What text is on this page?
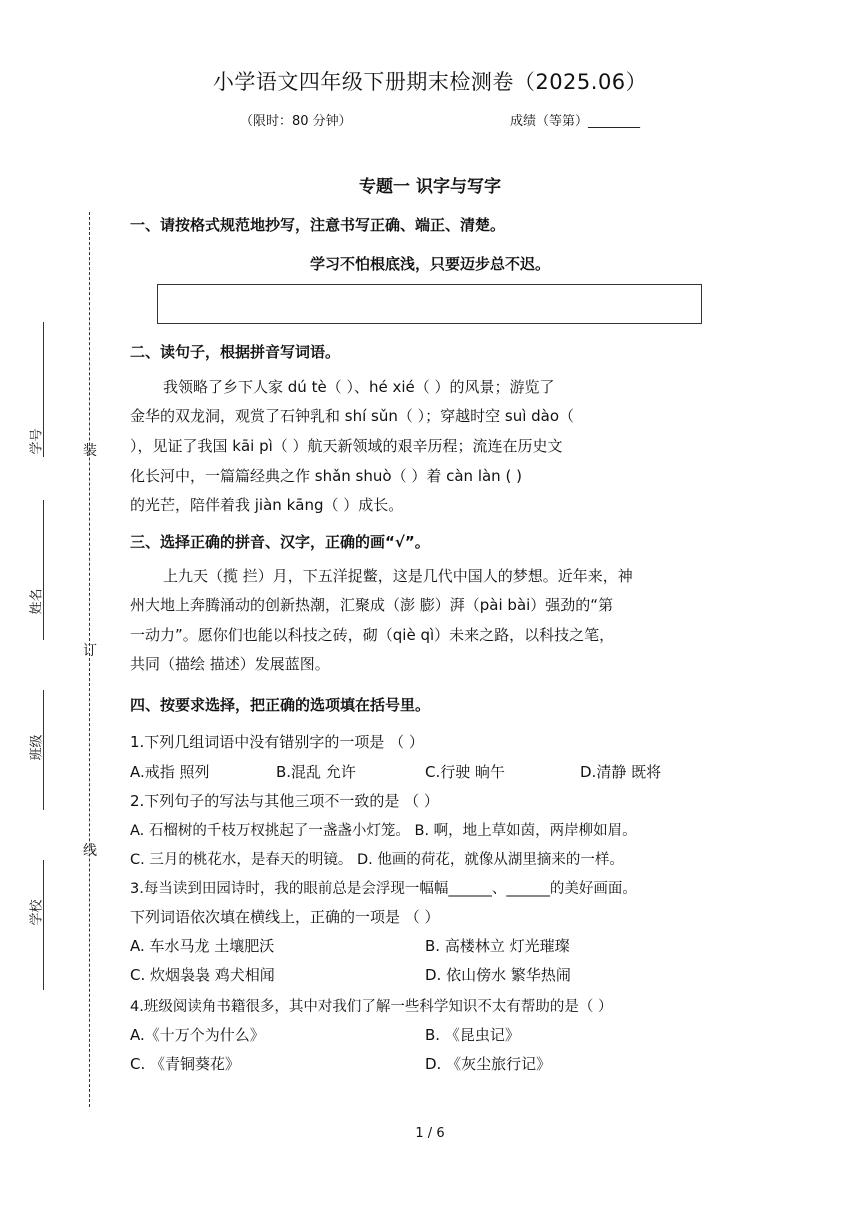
小学语文四年级下册期末检测卷（2025.06）
（限时：80 分钟）	成绩（等第）________
专题一 识字与写字
学号
姓名
班级
学校
装
订
线
一、请按格式规范地抄写，注意书写正确、端正、清楚。
学习不怕根底浅，只要迈步总不迟。
二、读句子，根据拼音写词语。
我领略了乡下人家 dú tè（ ）、hé xié（ ）的风景；游览了
金华的双龙洞，观赏了石钟乳和 shí sǔn（ ）；穿越时空 suì dào（
），见证了我国 kāi pì（ ）航天新领域的艰辛历程；流连在历史文
化长河中，一篇篇经典之作 shǎn shuò（ ）着 càn làn ( )
的光芒，陪伴着我 jiàn kāng（ ）成长。
三、选择正确的拼音、汉字，正确的画“√”。
上九天（揽 拦）月，下五洋捉鳖，这是几代中国人的梦想。近年来，神
州大地上奔腾涌动的创新热潮，汇聚成（澎 膨）湃（pài bài）强劲的“第
一动力”。愿你们也能以科技之砖，砌（qiè qì）未来之路，以科技之笔，
共同（描绘 描述）发展蓝图。
四、按要求选择，把正确的选项填在括号里。
1.下列几组词语中没有错别字的一项是 （ ）
A.戒指 照列	B.混乱 允许	C.行驶 晌午	D.清静 既将
2.下列句子的写法与其他三项不一致的是 （ ）
A. 石榴树的千枝万杈挑起了一盏盏小灯笼。 B. 啊，地上草如茵，两岸柳如眉。
C. 三月的桃花水，是春天的明镜。 D. 他画的荷花，就像从湖里摘来的一样。
3.每当读到田园诗时，我的眼前总是会浮现一幅幅______、______的美好画面。
下列词语依次填在横线上，正确的一项是 （ ）
A. 车水马龙 土壤肥沃	B. 高楼林立 灯光璀璨
C. 炊烟袅袅 鸡犬相闻	D. 依山傍水 繁华热闹
4.班级阅读角书籍很多，其中对我们了解一些科学知识不太有帮助的是（ ）
A.《十万个为什么》	B. 《昆虫记》
C. 《青铜葵花》	D. 《灰尘旅行记》
1 / 6
